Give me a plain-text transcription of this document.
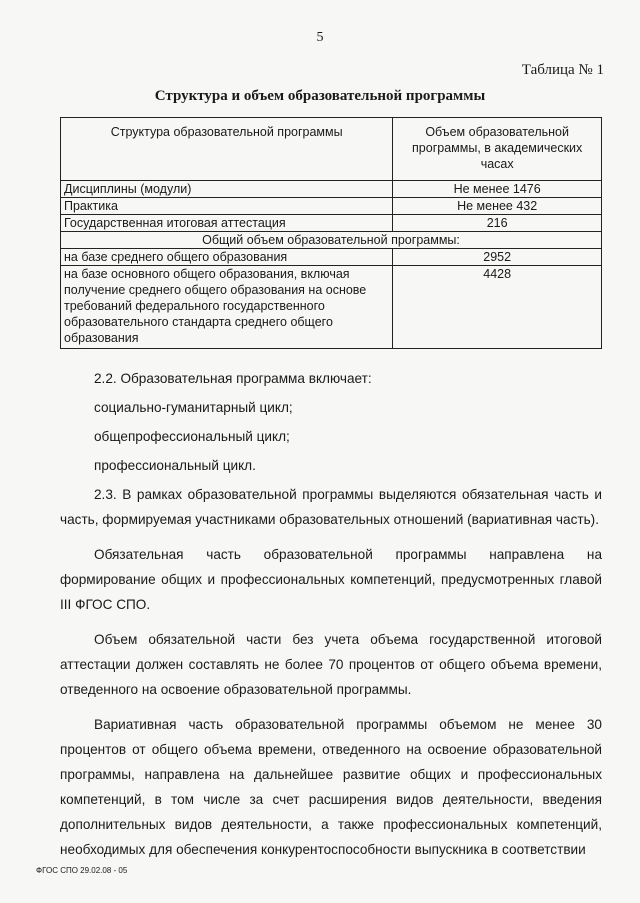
5
Таблица № 1
Структура и объем образовательной программы
Структура образовательной программы	Объем образовательной программы, в академических часах
Дисциплины (модули)	Не менее 1476
Практика	Не менее 432
Государственная итоговая аттестация	216
Общий объем образовательной программы:	
на базе среднего общего образования	2952
на базе основного общего образования, включая получение среднего общего образования на основе требований федерального государственного образовательного стандарта среднего общего образования	4428

2.2. Образовательная программа включает:

социально-гуманитарный цикл;

общепрофессиональный цикл;

профессиональный цикл.

2.3. В рамках образовательной программы выделяются обязательная часть и часть, формируемая участниками образовательных отношений (вариативная часть).

Обязательная часть образовательной программы направлена на формирование общих и профессиональных компетенций, предусмотренных главой III ФГОС СПО.

Объем обязательной части без учета объема государственной итоговой аттестации должен составлять не более 70 процентов от общего объема времени, отведенного на освоение образовательной программы.

Вариативная часть образовательной программы объемом не менее 30 процентов от общего объема времени, отведенного на освоение образовательной программы, направлена на дальнейшее развитие общих и профессиональных компетенций, в том числе за счет расширения видов деятельности, введения дополнительных видов деятельности, а также профессиональных компетенций, необходимых для обеспечения конкурентоспособности выпускника в соответствии

ФГОС СПО 29.02.08 - 05
